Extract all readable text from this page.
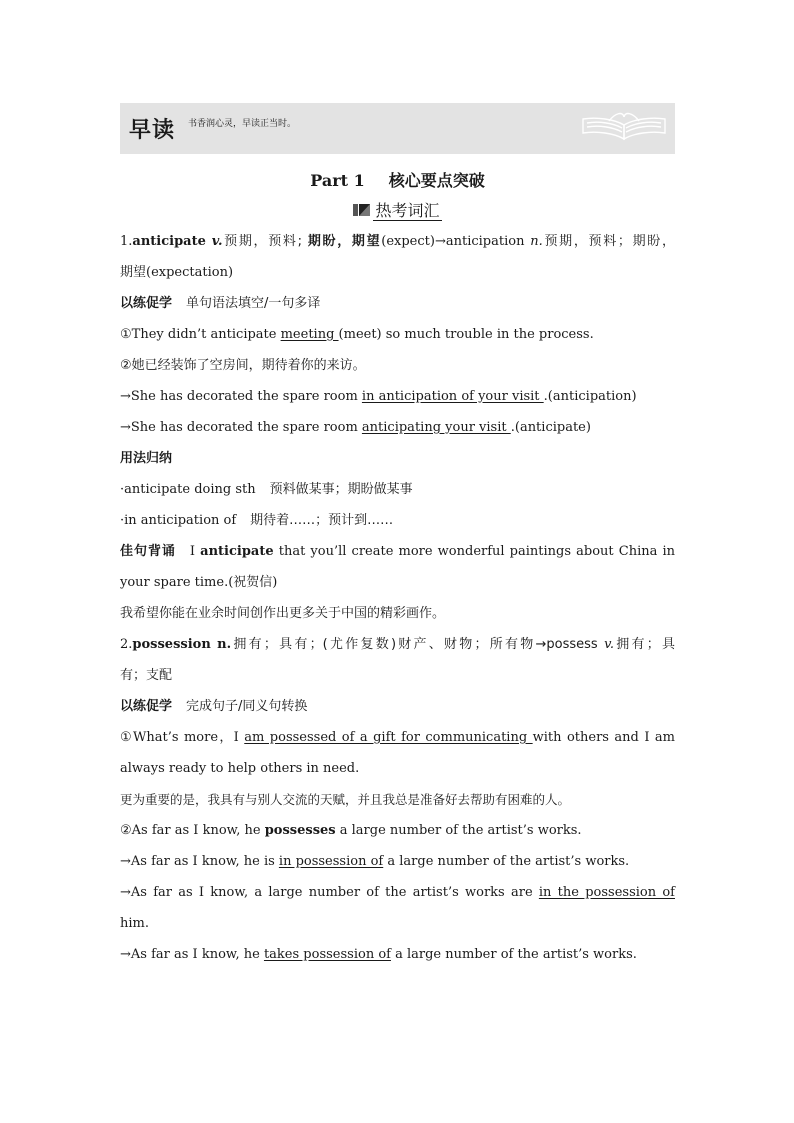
早读 书香润心灵，早读正当时。
Part 1 核心要点突破
热考词汇
1.anticipate v.预期，预料; 期盼，期望(expect)→anticipation n.预期，预料；期盼，
期望(expectation)
以练促学 单句语法填空/一句多译
①They didn’t anticipate meeting (meet) so much trouble in the process.
②她已经装饰了空房间，期待着你的来访。
→She has decorated the spare room in anticipation of your visit .(anticipation)
→She has decorated the spare room anticipating your visit .(anticipate)
用法归纳
·anticipate doing sth 预料做某事；期盼做某事
·in anticipation of 期待着……；预计到……
佳句背诵 I anticipate that you’ll create more wonderful paintings about China in
your spare time.(祝贺信)
我希望你能在业余时间创作出更多关于中国的精彩画作。
2.possession n.拥有；具有；(尤作复数)财产、财物；所有物→possess v.拥有；具
有；支配
以练促学 完成句子/同义句转换
①What’s more，I am possessed of a gift for communicating with others and I am
always ready to help others in need.
更为重要的是，我具有与别人交流的天赋，并且我总是准备好去帮助有困难的人。
②As far as I know, he possesses a large number of the artist’s works.
→As far as I know, he is in possession of a large number of the artist’s works.
→As far as I know, a large number of the artist’s works are in the possession of
him.
→As far as I know, he takes possession of a large number of the artist’s works.
